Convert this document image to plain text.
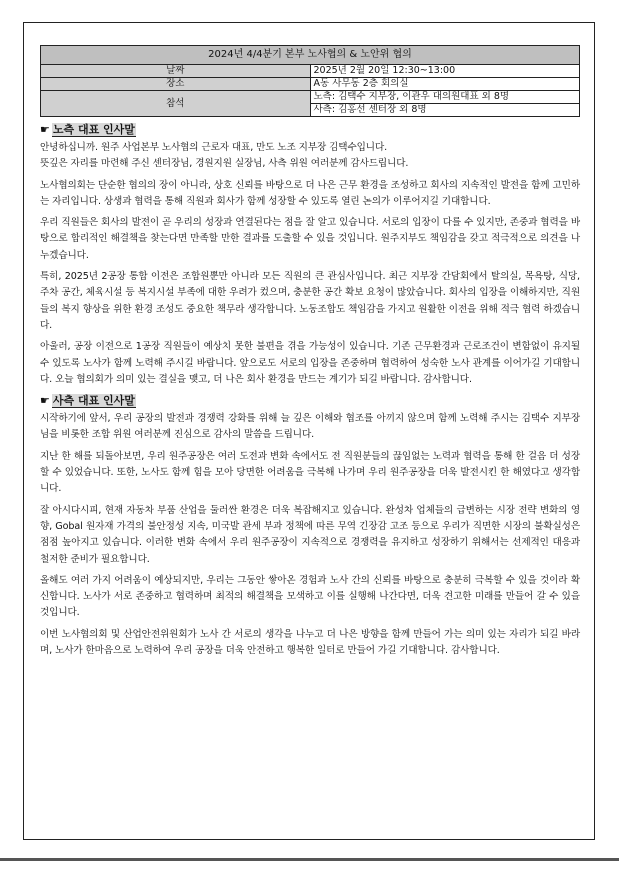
2024년 4/4분기 본부 노사협의 & 노안위 협의	
날짜	2025년 2월 20일 12:30~13:00
장소	A동 사무동 2층 회의실
참석	노측: 김택수 지부장, 이관우 대의원대표 외 8명
	사측: 김홍선 센터장 외 8명
☛ 노측 대표 인사말

안녕하십니까. 원주 사업본부 노사협의 근로자 대표, 만도 노조 지부장 김택수입니다.

뜻깊은 자리를 마련해 주신 센터장님, 경원지원 실장님, 사측 위원 여러분께 감사드립니다.

노사협의회는 단순한 협의의 장이 아니라, 상호 신뢰를 바탕으로 더 나은 근무 환경을 조성하고 회사의 지속적인 발전을 함께 고민하는 자리입니다. 상생과 협력을 통해 직원과 회사가 함께 성장할 수 있도록 열린 논의가 이루어지길 기대합니다.

우리 직원들은 회사의 발전이 곧 우리의 성장과 연결된다는 점을 잘 알고 있습니다. 서로의 입장이 다를 수 있지만, 존중과 협력을 바탕으로 합리적인 해결책을 찾는다면 만족할 만한 결과를 도출할 수 있을 것입니다. 원주지부도 책임감을 갖고 적극적으로 의견을 나누겠습니다.

특히, 2025년 2공장 통합 이전은 조합원뿐만 아니라 모든 직원의 큰 관심사입니다. 최근 지부장 간담회에서 탈의실, 목욕탕, 식당, 주차 공간, 체육시설 등 복지시설 부족에 대한 우려가 컸으며, 충분한 공간 확보 요청이 많았습니다. 회사의 입장을 이해하지만, 직원들의 복지 향상을 위한 환경 조성도 중요한 책무라 생각합니다. 노동조합도 책임감을 가지고 원활한 이전을 위해 적극 협력 하겠습니다.

아울러, 공장 이전으로 1공장 직원들이 예상치 못한 불편을 겪을 가능성이 있습니다. 기존 근무환경과 근로조건이 변함없이 유지될 수 있도록 노사가 함께 노력해 주시길 바랍니다. 앞으로도 서로의 입장을 존중하며 협력하여 성숙한 노사 관계를 이어가길 기대합니다. 오늘 협의회가 의미 있는 결실을 맺고, 더 나은 회사 환경을 만드는 계기가 되길 바랍니다. 감사합니다.

☛ 사측 대표 인사말

시작하기에 앞서, 우리 공장의 발전과 경쟁력 강화를 위해 늘 깊은 이해와 협조를 아끼지 않으며 함께 노력해 주시는 김택수 지부장님을 비롯한 조합 위원 여러분께 진심으로 감사의 말씀을 드립니다.

지난 한 해를 되돌아보면, 우리 원주공장은 여러 도전과 변화 속에서도 전 직원분들의 끊임없는 노력과 협력을 통해 한 걸음 더 성장할 수 있었습니다. 또한, 노사도 함께 힘을 모아 당면한 어려움을 극복해 나가며 우리 원주공장을 더욱 발전시킨 한 해였다고 생각합니다.

잘 아시다시피, 현재 자동차 부품 산업을 둘러싼 환경은 더욱 복잡해지고 있습니다. 완성차 업체들의 급변하는 시장 전략 변화의 영향, Gobal 원자재 가격의 불안정성 지속, 미국발 관세 부과 정책에 따른 무역 긴장감 고조 등으로 우리가 직면한 시장의 불확실성은 점점 높아지고 있습니다. 이러한 변화 속에서 우리 원주공장이 지속적으로 경쟁력을 유지하고 성장하기 위해서는 선제적인 대응과 철저한 준비가 필요합니다.

올해도 여러 가지 어려움이 예상되지만, 우리는 그동안 쌓아온 경험과 노사 간의 신뢰를 바탕으로 충분히 극복할 수 있을 것이라 확신합니다. 노사가 서로 존중하고 협력하며 최적의 해결책을 모색하고 이를 실행해 나간다면, 더욱 견고한 미래를 만들어 갈 수 있을 것입니다.

이번 노사협의회 및 산업안전위원회가 노사 간 서로의 생각을 나누고 더 나은 방향을 함께 만들어 가는 의미 있는 자리가 되길 바라며, 노사가 한마음으로 노력하여 우리 공장을 더욱 안전하고 행복한 일터로 만들어 가길 기대합니다. 감사합니다.
